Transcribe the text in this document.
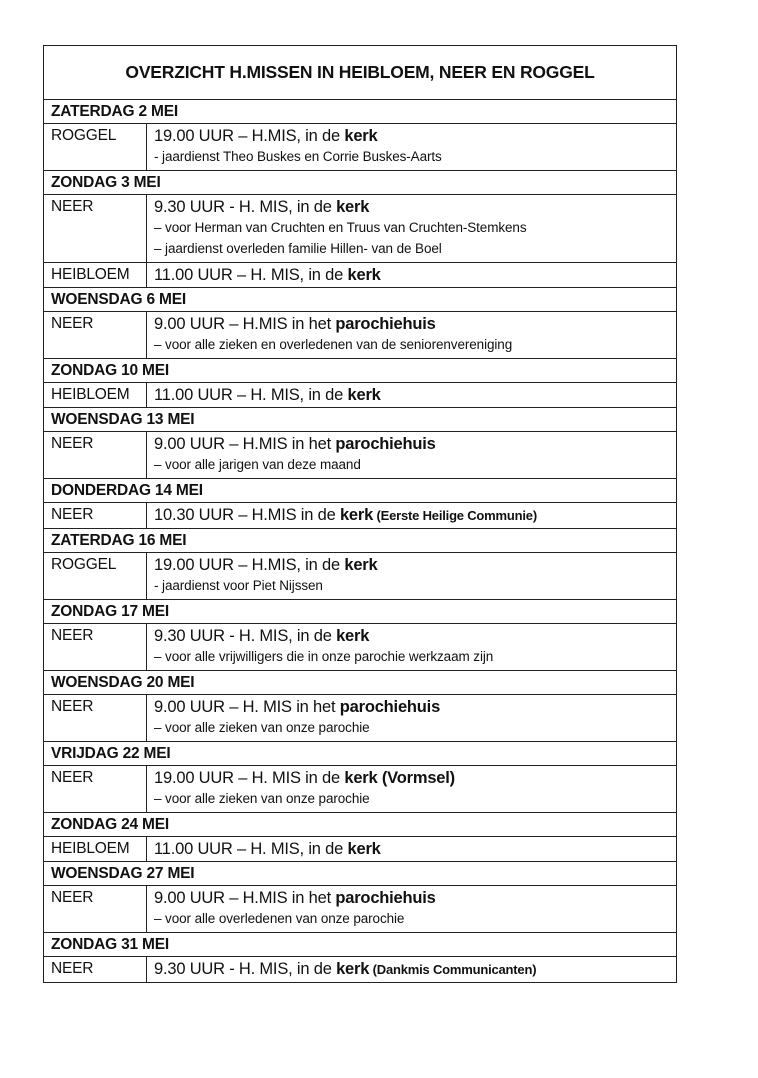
OVERZICHT H.MISSEN IN HEIBLOEM, NEER EN ROGGEL
ZATERDAG 2 MEI
ROGGEL	19.00 UUR – H.MIS, in de kerk
- jaardienst Theo Buskes en Corrie Buskes-Aarts
ZONDAG 3 MEI
NEER	9.30 UUR - H. MIS, in de kerk
– voor Herman van Cruchten en Truus van Cruchten-Stemkens
– jaardienst overleden familie Hillen- van de Boel
HEIBLOEM	11.00 UUR – H. MIS, in de kerk
WOENSDAG 6 MEI
NEER	9.00 UUR – H.MIS in het parochiehuis
– voor alle zieken en overledenen van de seniorenvereniging
ZONDAG 10 MEI
HEIBLOEM	11.00 UUR – H. MIS, in de kerk
WOENSDAG 13 MEI
NEER	9.00 UUR – H.MIS in het parochiehuis
– voor alle jarigen van deze maand
DONDERDAG 14 MEI
NEER	10.30 UUR – H.MIS in de kerk (Eerste Heilige Communie)
ZATERDAG 16 MEI
ROGGEL	19.00 UUR – H.MIS, in de kerk
- jaardienst voor Piet Nijssen
ZONDAG 17 MEI
NEER	9.30 UUR - H. MIS, in de kerk
– voor alle vrijwilligers die in onze parochie werkzaam zijn
WOENSDAG 20 MEI
NEER	9.00 UUR – H. MIS in het parochiehuis
– voor alle zieken van onze parochie
VRIJDAG 22 MEI
NEER	19.00 UUR – H. MIS in de kerk (Vormsel)
– voor alle zieken van onze parochie
ZONDAG 24 MEI
HEIBLOEM	11.00 UUR – H. MIS, in de kerk
WOENSDAG 27 MEI
NEER	9.00 UUR – H.MIS in het parochiehuis
– voor alle overledenen van onze parochie
ZONDAG 31 MEI
NEER	9.30 UUR - H. MIS, in de kerk (Dankmis Communicanten)
